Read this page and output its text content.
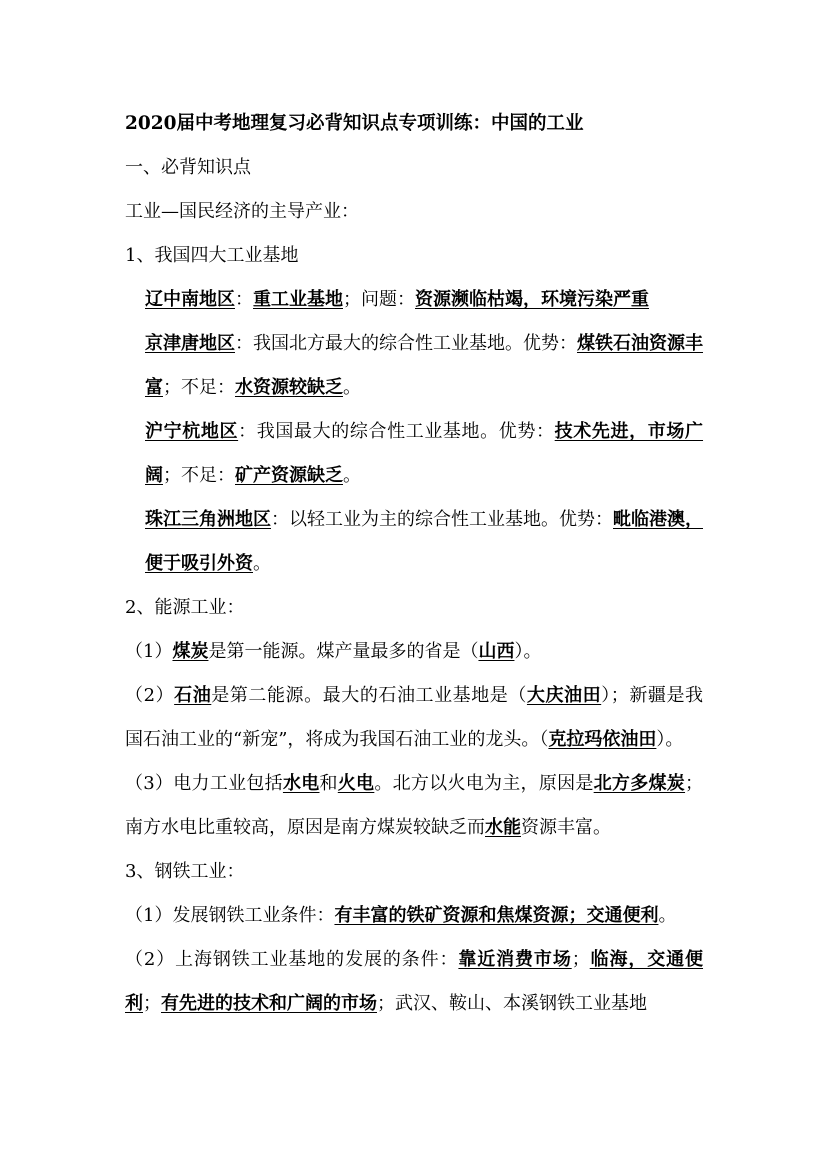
2020届中考地理复习必背知识点专项训练：中国的工业
一、必背知识点
工业—国民经济的主导产业：
1、我国四大工业基地
辽中南地区：重工业基地；问题：资源濒临枯竭，环境污染严重
京津唐地区：我国北方最大的综合性工业基地。优势：煤铁石油资源丰富；不足：水资源较缺乏。
沪宁杭地区：我国最大的综合性工业基地。优势：技术先进，市场广阔；不足：矿产资源缺乏。
珠江三角洲地区：以轻工业为主的综合性工业基地。优势：毗临港澳，便于吸引外资。
2、能源工业：
（1）煤炭是第一能源。煤产量最多的省是（山西）。
（2）石油是第二能源。最大的石油工业基地是（大庆油田）；新疆是我国石油工业的“新宠”，将成为我国石油工业的龙头。（克拉玛依油田）。
（3）电力工业包括水电和火电。北方以火电为主，原因是北方多煤炭；南方水电比重较高，原因是南方煤炭较缺乏而水能资源丰富。
3、钢铁工业：
（1）发展钢铁工业条件：有丰富的铁矿资源和焦煤资源；交通便利。
（2）上海钢铁工业基地的发展的条件：靠近消费市场；临海，交通便利；有先进的技术和广阔的市场；武汉、鞍山、本溪钢铁工业基地
